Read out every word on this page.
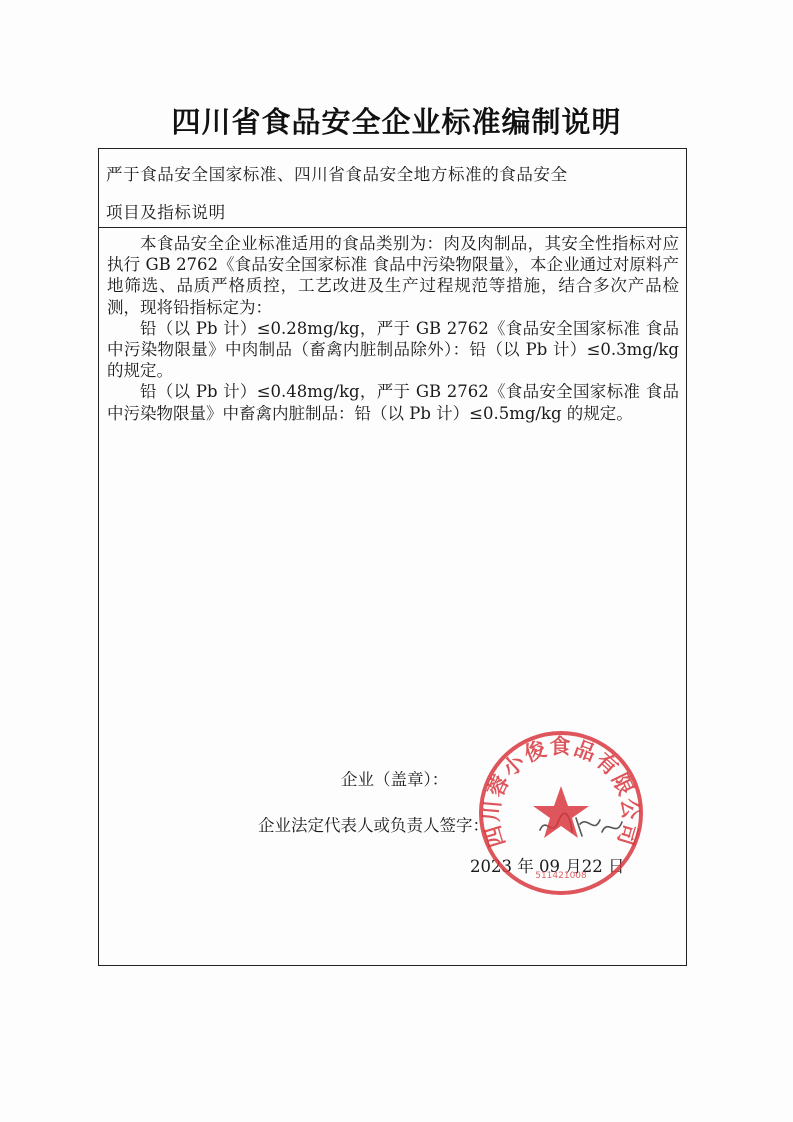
四川省食品安全企业标准编制说明
严于食品安全国家标准、四川省食品安全地方标准的食品安全
项目及指标说明

本食品安全企业标准适用的食品类别为：肉及肉制品，其安全性指标对应执行 GB 2762《食品安全国家标准 食品中污染物限量》，本企业通过对原料产地筛选、品质严格质控，工艺改进及生产过程规范等措施，结合多次产品检测，现将铅指标定为：

铅（以 Pb 计）≤0.28mg/kg，严于 GB 2762《食品安全国家标准 食品中污染物限量》中肉制品（畜禽内脏制品除外）：铅（以 Pb 计）≤0.3mg/kg 的规定。

铅（以 Pb 计）≤0.48mg/kg，严于 GB 2762《食品安全国家标准 食品中污染物限量》中畜禽内脏制品：铅（以 Pb 计）≤0.5mg/kg 的规定。

企业（盖章）：
企业法定代表人或负责人签字：
2023 年 09 月22 日
四川蓉小俊食品有限公司
511421008
